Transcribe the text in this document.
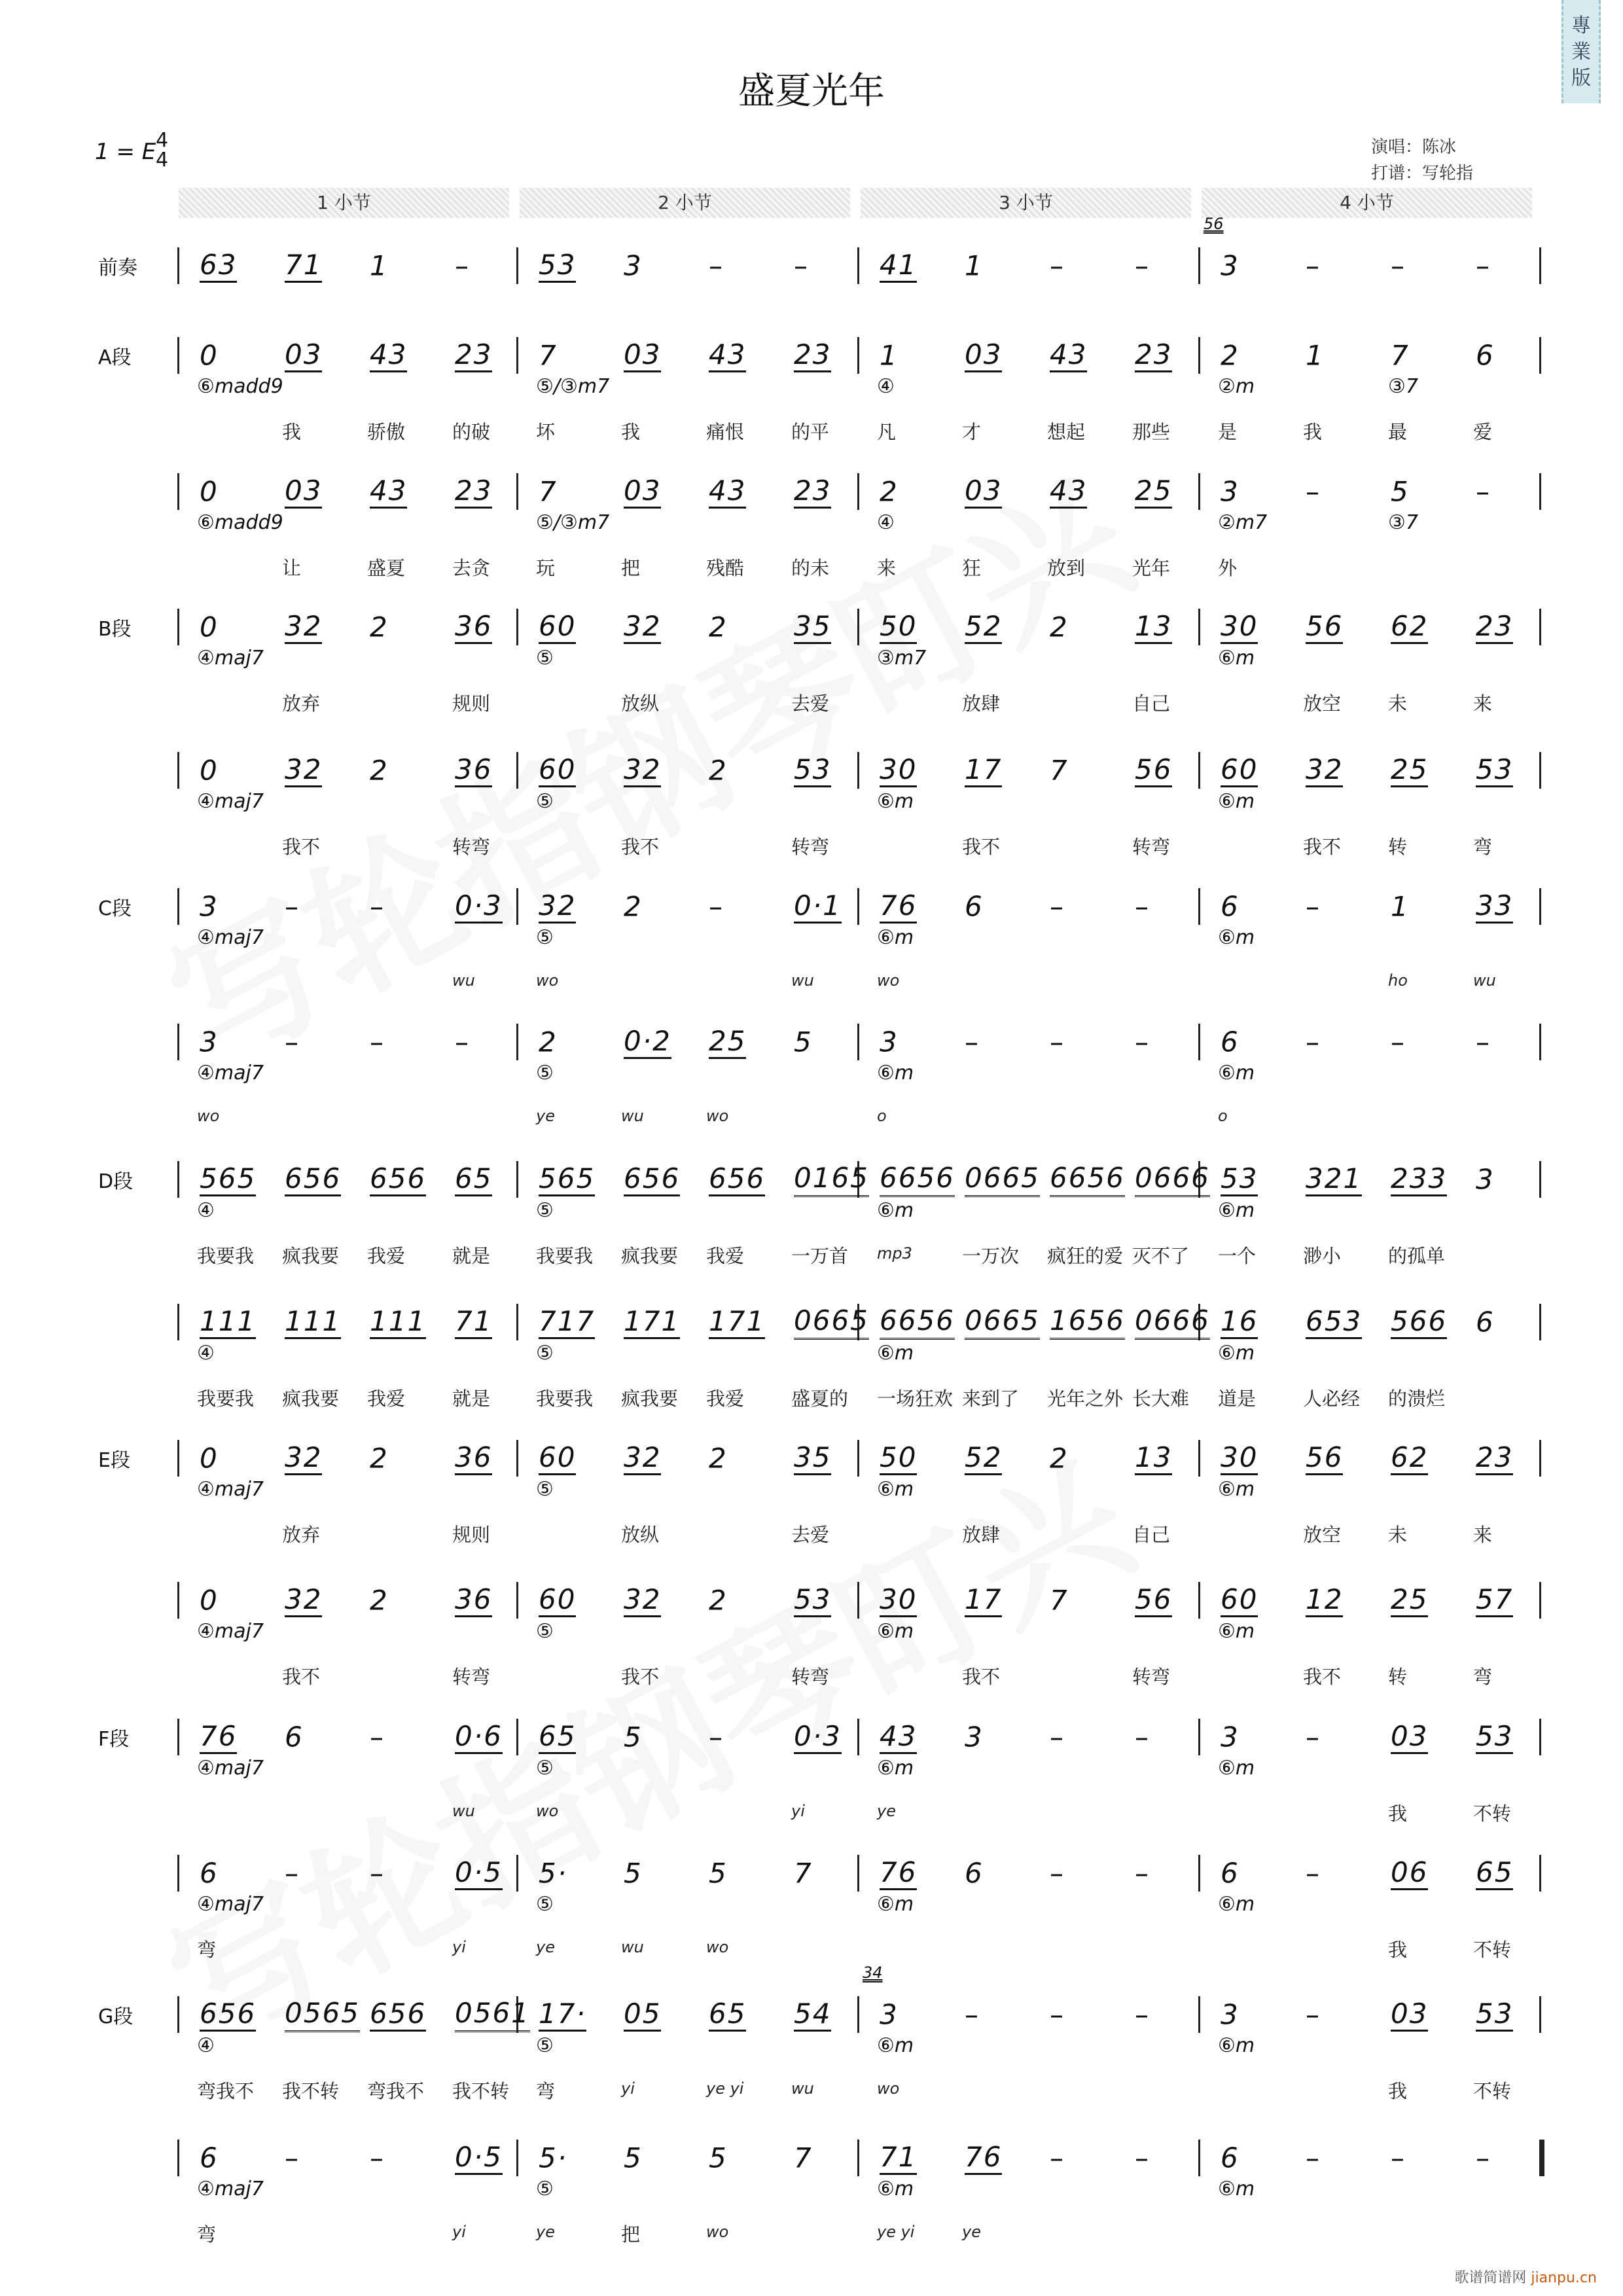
盛夏光年
1 = E 4
4
演唱：陈冰
打谱：写轮指
專業版
1 小节	2 小节	3 小节	4 小节
前奏 63 71 1 –	53 3 –	–	41 1 –	–
56
3 –	–	–
A段 0 03 43 23
⑥madd9
我	骄傲 的破
7 03 43 23
⑤/③m7
坏	我	痛恨 的平
1 03 43 23
④
凡	才	想起 那些
2 1 7 6
②m	③7
是	我	最	爱
0 03 43 23
⑥madd9
让	盛夏 去贪
7 03 43 23
⑤/③m7
玩	把	残酷 的未
2 03 43 25
④
来	狂	放到 光年
3 –	5 –
②m7	③7
外
B段 0 32 2 36
④maj7
放弃	规则
60 32 2 35
⑤
放纵	去爱
50 52 2 13
③m7
放肆	自己
30 56 62 23
⑥m
放空 未	来
0 32 2 36
④maj7
我不	转弯
60 32 2 53
⑤
我不	转弯
30 17 7 56
⑥m
我不	转弯
60 32 25 53
⑥m
我不 转	弯
C段 3 –	–	0·3
④maj7
wu
32 2 –	0·1
⑤
wo	wu
76 6 –	–
⑥m
wo
6 –	1 33
⑥m
ho	wu
3 –	–	–
④maj7
wo
2 0·2 25 5
⑤
ye	wu	wo
3 –	–	–
⑥m
o
6 –	–	–
⑥m
o
D段 565 656 656 65
④
我要我 疯我要 我爱 就是
565 656 656 0165
⑤
我要我 疯我要 我爱 一万首
6656 0665 6656 0666
⑥m
mp3	一万次 疯狂的爱 灭不了
53 321 233 3
⑥m
一个 渺小 的孤单
111 111 111 71
④
我要我 疯我要 我爱 就是
717 171 171 0665
⑤
我要我 疯我要 我爱 盛夏的
6656 0665 1656 0666
⑥m
一场狂欢 来到了 光年之外 长大难
16 653 566 6
⑥m
道是 人必经 的溃烂
E段	0 32 2 36
④maj7
放弃	规则
60 32 2 35
⑤
放纵	去爱
50 52 2 13
⑥m
放肆	自己
30 56 62 23
⑥m
放空 未	来
0 32 2 36
④maj7
我不	转弯
60 32 2 53
⑤
我不	转弯
30 17 7 56
⑥m
我不	转弯
60 12 25 57
⑥m
我不 转	弯
F段	76 6 –	0·6
④maj7
wu
65 5 –	0·3
⑤
wo	yi
43 3 –	–
⑥m
ye
3 –	03 53
⑥m
我	不转
6 –	–	0·5
④maj7
弯	yi
5· 5 5 7
⑤
ye	wu	wo
76 6 –	–
⑥m
6 –	06 65
⑥m
我	不转
G段 656 0565 656 0561
④
弯我不 我不转 弯我不 我不转
17· 05 65 54
⑤
弯	yi	ye yi	wu
34
3 –	–	–
⑥m
wo
3 –	03 53
⑥m
我	不转
6 –	–	0·5
④maj7
弯	yi
5· 5 5 7
⑤
ye	把	wo
71 76 –	–
⑥m
ye yi	ye
6 –	–	–
⑥m
歌谱简谱网 jianpu.cn
